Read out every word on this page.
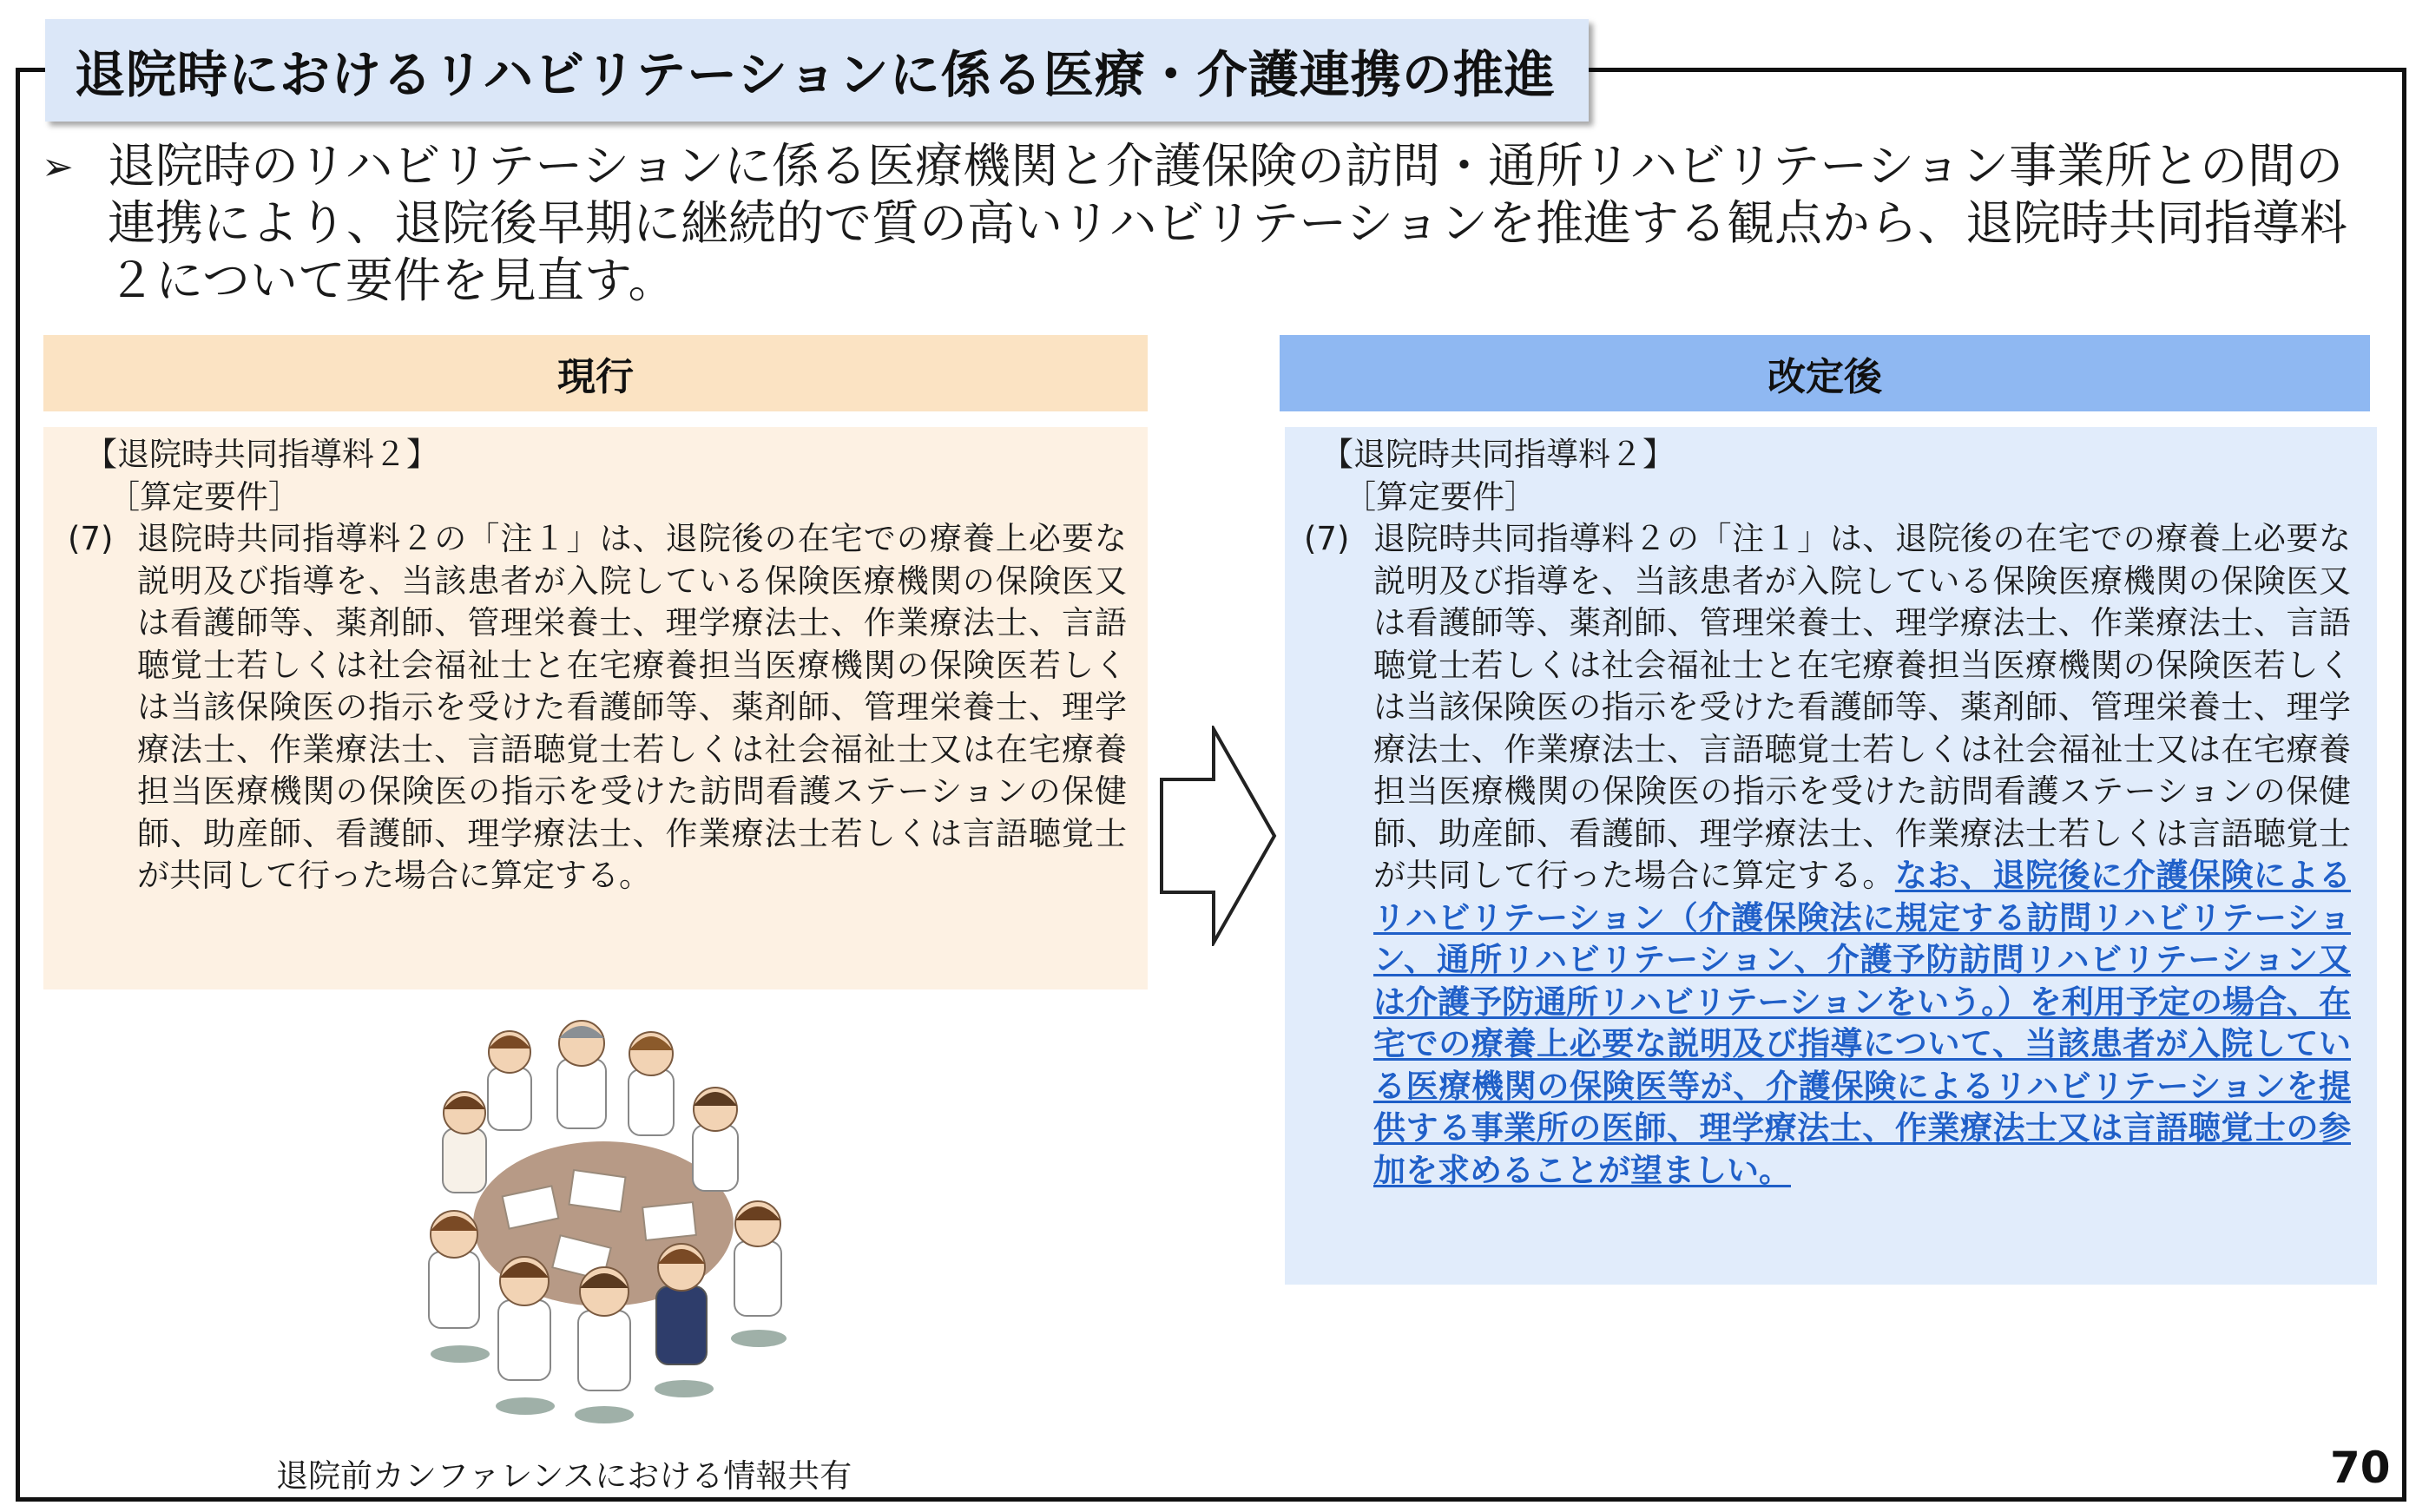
退院時におけるリハビリテーションに係る医療・介護連携の推進
➢ 退院時のリハビリテーションに係る医療機関と介護保険の訪問・通所リハビリテーション事業所との間の連携により、退院後早期に継続的で質の高いリハビリテーションを推進する観点から、退院時共同指導料２について要件を見直す。
現行	改定後
【退院時共同指導料２】
［算定要件］
(7) 退院時共同指導料２の「注１」は、退院後の在宅での療養上必要な説明及び指導を、当該患者が入院している保険医療機関の保険医又は看護師等、薬剤師、管理栄養士、理学療法士、作業療法士、言語聴覚士若しくは社会福祉士と在宅療養担当医療機関の保険医若しくは当該保険医の指示を受けた看護師等、薬剤師、管理栄養士、理学療法士、作業療法士、言語聴覚士若しくは社会福祉士又は在宅療養担当医療機関の保険医の指示を受けた訪問看護ステーションの保健師、助産師、看護師、理学療法士、作業療法士若しくは言語聴覚士が共同して行った場合に算定する。
【退院時共同指導料２】
［算定要件］
(7) 退院時共同指導料２の「注１」は、退院後の在宅での療養上必要な説明及び指導を、当該患者が入院している保険医療機関の保険医又は看護師等、薬剤師、管理栄養士、理学療法士、作業療法士、言語聴覚士若しくは社会福祉士と在宅療養担当医療機関の保険医若しくは当該保険医の指示を受けた看護師等、薬剤師、管理栄養士、理学療法士、作業療法士、言語聴覚士若しくは社会福祉士又は在宅療養担当医療機関の保険医の指示を受けた訪問看護ステーションの保健師、助産師、看護師、理学療法士、作業療法士若しくは言語聴覚士が共同して行った場合に算定する。なお、退院後に介護保険によるリハビリテーション（介護保険法に規定する訪問リハビリテーション、通所リハビリテーション、介護予防訪問リハビリテーション又は介護予防通所リハビリテーションをいう。）を利用予定の場合、在宅での療養上必要な説明及び指導について、当該患者が入院している医療機関の保険医等が、介護保険によるリハビリテーションを提供する事業所の医師、理学療法士、作業療法士又は言語聴覚士の参加を求めることが望ましい。
退院前カンファレンスにおける情報共有	70
